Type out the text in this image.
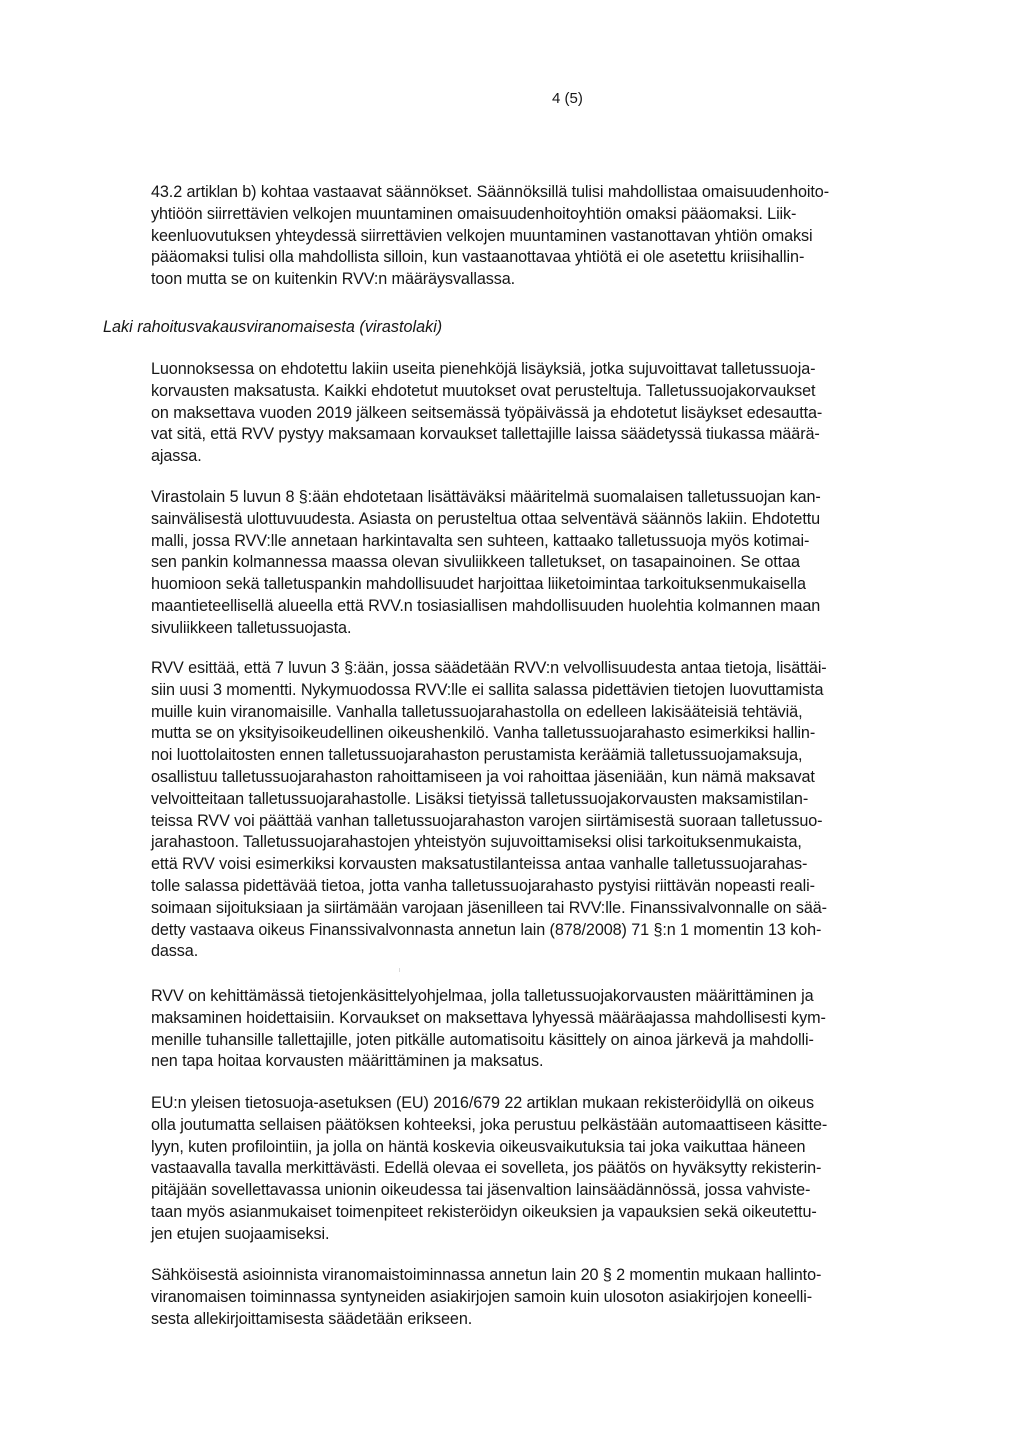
4 (5)
43.2 artiklan b) kohtaa vastaavat säännökset. Säännöksillä tulisi mahdollistaa omaisuudenhoito-
yhtiöön siirrettävien velkojen muuntaminen omaisuudenhoitoyhtiön omaksi pääomaksi. Liik-
keenluovutuksen yhteydessä siirrettävien velkojen muuntaminen vastanottavan yhtiön omaksi
pääomaksi tulisi olla mahdollista silloin, kun vastaanottavaa yhtiötä ei ole asetettu kriisihallin-
toon mutta se on kuitenkin RVV:n määräysvallassa.
Laki rahoitusvakausviranomaisesta (virastolaki)
Luonnoksessa on ehdotettu lakiin useita pienehköjä lisäyksiä, jotka sujuvoittavat talletussuoja-
korvausten maksatusta. Kaikki ehdotetut muutokset ovat perusteltuja. Talletussuojakorvaukset
on maksettava vuoden 2019 jälkeen seitsemässä työpäivässä ja ehdotetut lisäykset edesautta-
vat sitä, että RVV pystyy maksamaan korvaukset tallettajille laissa säädetyssä tiukassa määrä-
ajassa.
Virastolain 5 luvun 8 §:ään ehdotetaan lisättäväksi määritelmä suomalaisen talletussuojan kan-
sainvälisestä ulottuvuudesta. Asiasta on perusteltua ottaa selventävä säännös lakiin. Ehdotettu
malli, jossa RVV:lle annetaan harkintavalta sen suhteen, kattaako talletussuoja myös kotimai-
sen pankin kolmannessa maassa olevan sivuliikkeen talletukset, on tasapainoinen. Se ottaa
huomioon sekä talletuspankin mahdollisuudet harjoittaa liiketoimintaa tarkoituksenmukaisella
maantieteellisellä alueella että RVV.n tosiasiallisen mahdollisuuden huolehtia kolmannen maan
sivuliikkeen talletussuojasta.
RVV esittää, että 7 luvun 3 §:ään, jossa säädetään RVV:n velvollisuudesta antaa tietoja, lisättäi-
siin uusi 3 momentti. Nykymuodossa RVV:lle ei sallita salassa pidettävien tietojen luovuttamista
muille kuin viranomaisille. Vanhalla talletussuojarahastolla on edelleen lakisääteisiä tehtäviä,
mutta se on yksityisoikeudellinen oikeushenkilö. Vanha talletussuojarahasto esimerkiksi hallin-
noi luottolaitosten ennen talletussuojarahaston perustamista keräämiä talletussuojamaksuja,
osallistuu talletussuojarahaston rahoittamiseen ja voi rahoittaa jäseniään, kun nämä maksavat
velvoitteitaan talletussuojarahastolle. Lisäksi tietyissä talletussuojakorvausten maksamistilan-
teissa RVV voi päättää vanhan talletussuojarahaston varojen siirtämisestä suoraan talletussuo-
jarahastoon. Talletussuojarahastojen yhteistyön sujuvoittamiseksi olisi tarkoituksenmukaista,
että RVV voisi esimerkiksi korvausten maksatustilanteissa antaa vanhalle talletussuojarahas-
tolle salassa pidettävää tietoa, jotta vanha talletussuojarahasto pystyisi riittävän nopeasti reali-
soimaan sijoituksiaan ja siirtämään varojaan jäsenilleen tai RVV:lle. Finanssivalvonnalle on sää-
detty vastaava oikeus Finanssivalvonnasta annetun lain (878/2008) 71 §:n 1 momentin 13 koh-
dassa.
RVV on kehittämässä tietojenkäsittelyohjelmaa, jolla talletussuojakorvausten määrittäminen ja
maksaminen hoidettaisiin. Korvaukset on maksettava lyhyessä määräajassa mahdollisesti kym-
menille tuhansille tallettajille, joten pitkälle automatisoitu käsittely on ainoa järkevä ja mahdolli-
nen tapa hoitaa korvausten määrittäminen ja maksatus.
EU:n yleisen tietosuoja-asetuksen (EU) 2016/679 22 artiklan mukaan rekisteröidyllä on oikeus
olla joutumatta sellaisen päätöksen kohteeksi, joka perustuu pelkästään automaattiseen käsitte-
lyyn, kuten profilointiin, ja jolla on häntä koskevia oikeusvaikutuksia tai joka vaikuttaa häneen
vastaavalla tavalla merkittävästi. Edellä olevaa ei sovelleta, jos päätös on hyväksytty rekisterin-
pitäjään sovellettavassa unionin oikeudessa tai jäsenvaltion lainsäädännössä, jossa vahviste-
taan myös asianmukaiset toimenpiteet rekisteröidyn oikeuksien ja vapauksien sekä oikeutettu-
jen etujen suojaamiseksi.
Sähköisestä asioinnista viranomaistoiminnassa annetun lain 20 § 2 momentin mukaan hallinto-
viranomaisen toiminnassa syntyneiden asiakirjojen samoin kuin ulosoton asiakirjojen koneelli-
sesta allekirjoittamisesta säädetään erikseen.
